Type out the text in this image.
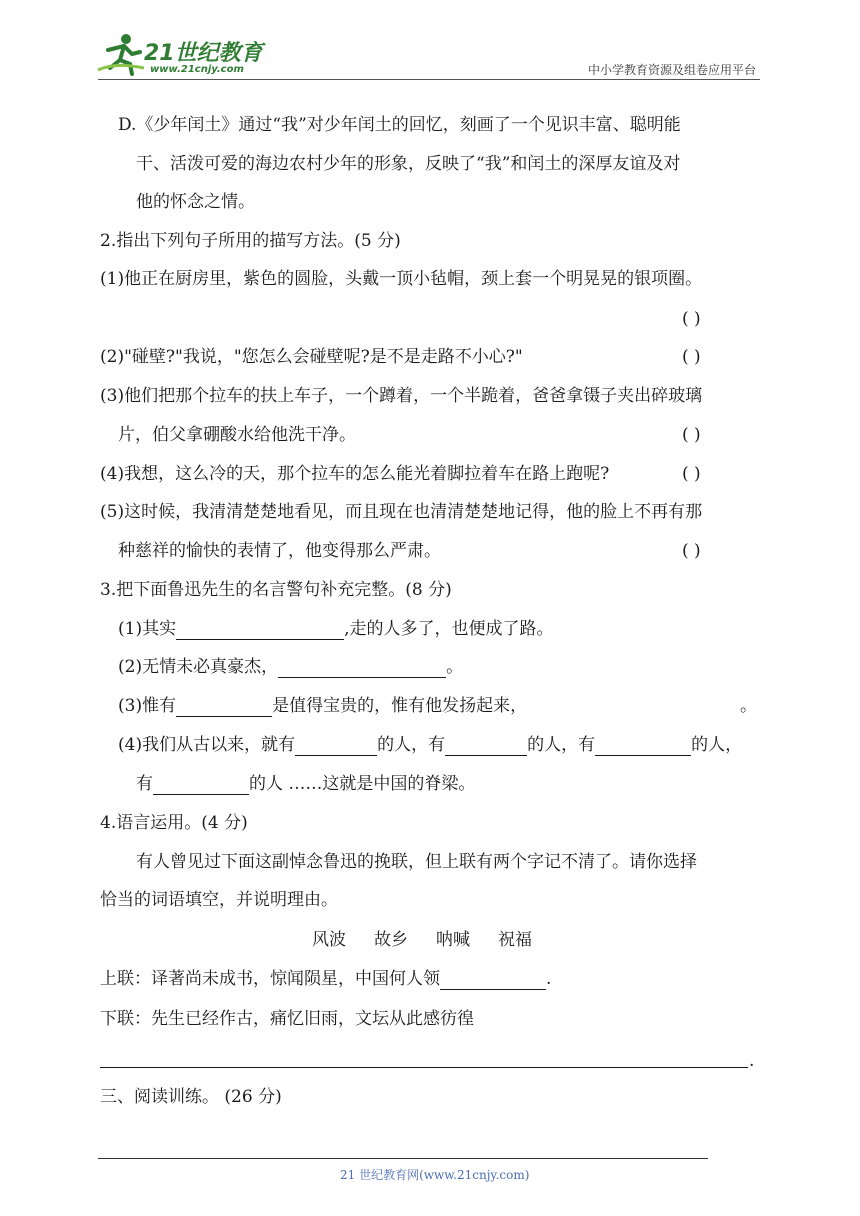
21世纪教育
www.21cnjy.com	中小学教育资源及组卷应用平台
D.《少年闰土》通过“我”对少年闰土的回忆，刻画了一个见识丰富、聪明能
干、活泼可爱的海边农村少年的形象，反映了“我”和闰土的深厚友谊及对
他的怀念之情。
2.指出下列句子所用的描写方法。(5 分)
(1)他正在厨房里，紫色的圆脸，头戴一顶小毡帽，颈上套一个明晃晃的银项圈。
( )
(2)"碰壁?"我说，"您怎么会碰壁呢?是不是走路不小心?"	( )
(3)他们把那个拉车的扶上车子，一个蹲着，一个半跪着，爸爸拿镊子夹出碎玻璃
片，伯父拿硼酸水给他洗干净。	( )
(4)我想，这么冷的天，那个拉车的怎么能光着脚拉着车在路上跑呢?	( )
(5)这时候，我清清楚楚地看见，而且现在也清清楚楚地记得，他的脸上不再有那
种慈祥的愉快的表情了，他变得那么严肃。	( )
3.把下面鲁迅先生的名言警句补充完整。(8 分)
(1)其实	,走的人多了，也便成了路。
(2)无情未必真豪杰，	。
(3)惟有	是值得宝贵的，惟有他发扬起来，	。
(4)我们从古以来，就有	的人，有	的人，有	的人，
有	的人 ……这就是中国的脊梁。
4.语言运用。(4 分)
有人曾见过下面这副悼念鲁迅的挽联，但上联有两个字记不清了。请你选择
恰当的词语填空，并说明理由。
风波 故乡 呐喊 祝福
上联：译著尚未成书，惊闻陨星，中国何人领	.
下联：先生已经作古，痛忆旧雨，文坛从此感彷徨
.
三、阅读训练。 (26 分)
21 世纪教育网(www.21cnjy.com)
